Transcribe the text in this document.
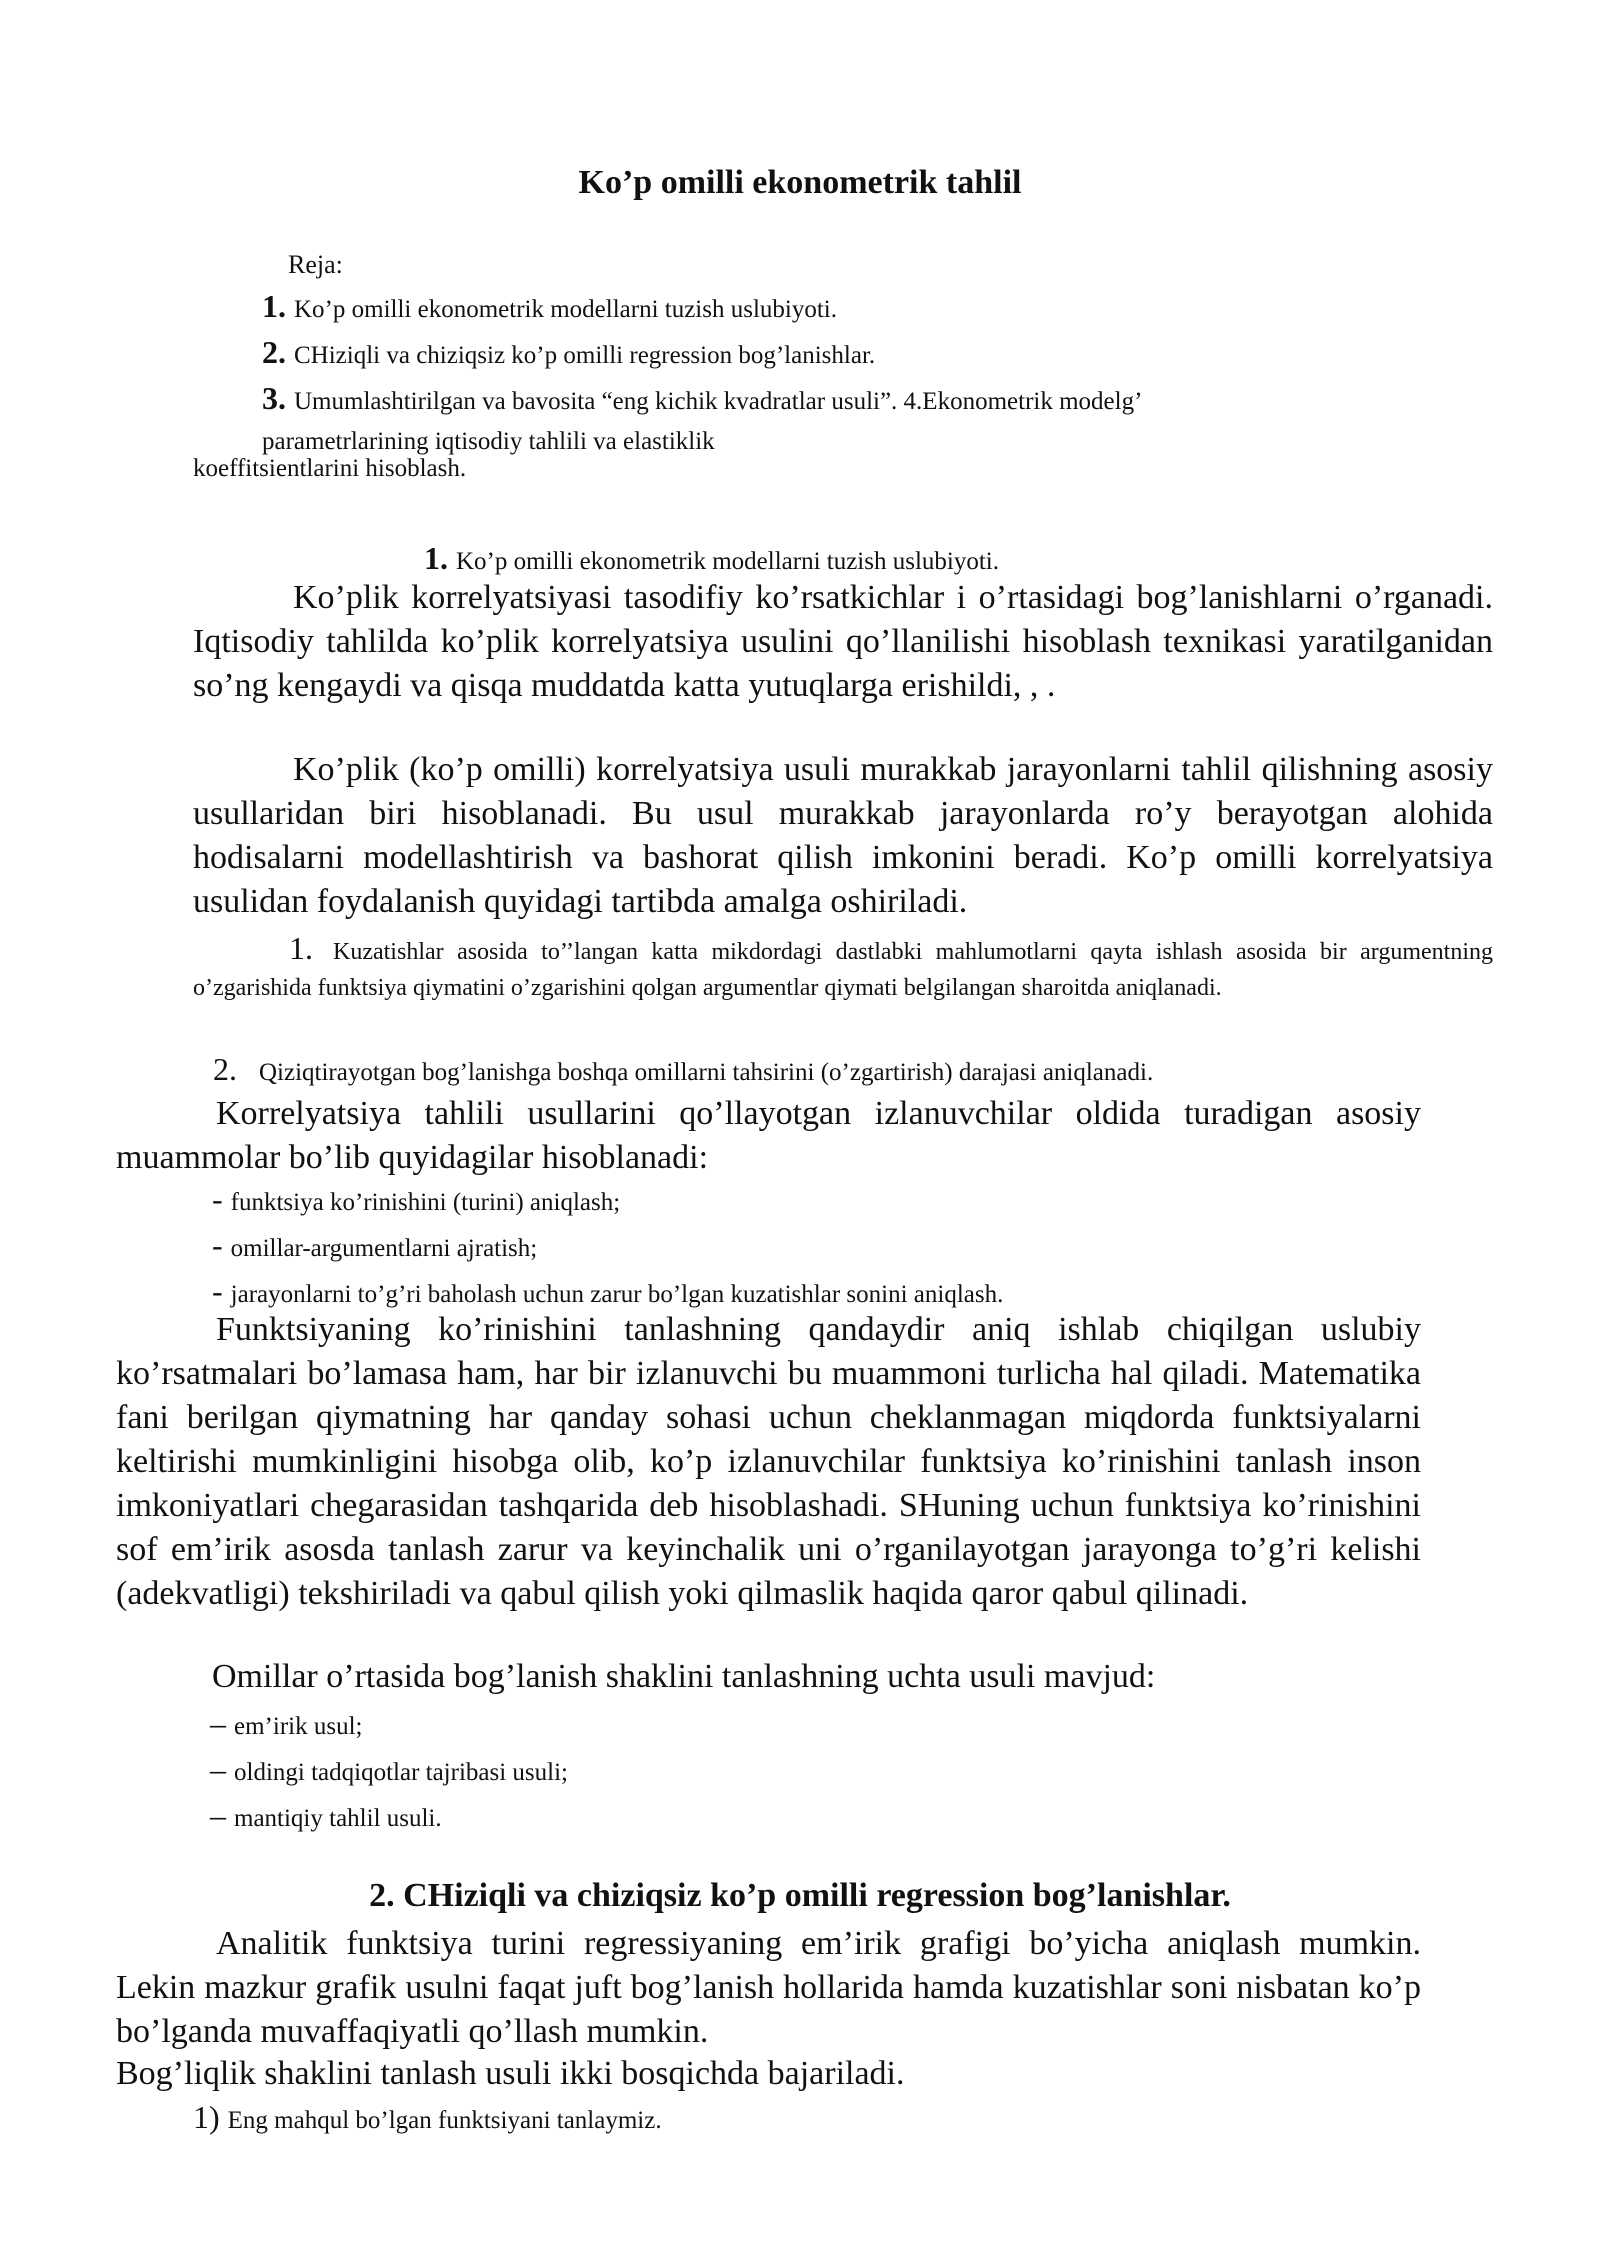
Ko’p omilli ekonometrik tahlil
Reja:
1. Ko’p omilli ekonometrik modellarni tuzish uslubiyoti.
2. CHiziqli va chiziqsiz ko’p omilli regression bog’lanishlar.
3. Umumlashtirilgan va bavosita “eng kichik kvadratlar usuli”. 4.Ekonometrik modelg’
parametrlarining iqtisodiy tahlili va elastiklik
koeffitsientlarini hisoblash.
1. Ko’p omilli ekonometrik modellarni tuzish uslubiyoti.
Ko’plik korrelyatsiyasi tasodifiy ko’rsatkichlar i o’rtasidagi bog’lanishlarni o’rganadi. Iqtisodiy tahlilda ko’plik korrelyatsiya usulini qo’llanilishi hisoblash texnikasi yaratilganidan so’ng kengaydi va qisqa muddatda katta yutuqlarga erishildi, , .
Ko’plik (ko’p omilli) korrelyatsiya usuli murakkab jarayonlarni tahlil qilishning asosiy usullaridan biri hisoblanadi. Bu usul murakkab jarayonlarda ro’y berayotgan alohida hodisalarni modellashtirish va bashorat qilish imkonini beradi. Ko’p omilli korrelyatsiya usulidan foydalanish quyidagi tartibda amalga oshiriladi.
1. Kuzatishlar asosida to’’langan katta mikdordagi dastlabki mahlumotlarni qayta ishlash asosida bir argumentning o’zgarishida funktsiya qiymatini o’zgarishini qolgan argumentlar qiymati belgilangan sharoitda aniqlanadi.
2. Qiziqtirayotgan bog’lanishga boshqa omillarni tahsirini (o’zgartirish) darajasi aniqlanadi.
Korrelyatsiya tahlili usullarini qo’llayotgan izlanuvchilar oldida turadigan asosiy muammolar bo’lib quyidagilar hisoblanadi:
- funktsiya ko’rinishini (turini) aniqlash;
- omillar-argumentlarni ajratish;
- jarayonlarni to’g’ri baholash uchun zarur bo’lgan kuzatishlar sonini aniqlash.
Funktsiyaning ko’rinishini tanlashning qandaydir aniq ishlab chiqilgan uslubiy ko’rsatmalari bo’lamasa ham, har bir izlanuvchi bu muammoni turlicha hal qiladi. Matematika fani berilgan qiymatning har qanday sohasi uchun cheklanmagan miqdorda funktsiyalarni keltirishi mumkinligini hisobga olib, ko’p izlanuvchilar funktsiya ko’rinishini tanlash inson imkoniyatlari chegarasidan tashqarida deb hisoblashadi. SHuning uchun funktsiya ko’rinishini sof em’irik asosda tanlash zarur va keyinchalik uni o’rganilayotgan jarayonga to’g’ri kelishi (adekvatligi) tekshiriladi va qabul qilish yoki qilmaslik haqida qaror qabul qilinadi.
Omillar o’rtasida bog’lanish shaklini tanlashning uchta usuli mavjud:
– em’irik usul;
– oldingi tadqiqotlar tajribasi usuli;
– mantiqiy tahlil usuli.
2. CHiziqli va chiziqsiz ko’p omilli regression bog’lanishlar.
Analitik funktsiya turini regressiyaning em’irik grafigi bo’yicha aniqlash mumkin. Lekin mazkur grafik usulni faqat juft bog’lanish hollarida hamda kuzatishlar soni nisbatan ko’p bo’lganda muvaffaqiyatli qo’llash mumkin.
Bog’liqlik shaklini tanlash usuli ikki bosqichda bajariladi.
1) Eng mahqul bo’lgan funktsiyani tanlaymiz.
